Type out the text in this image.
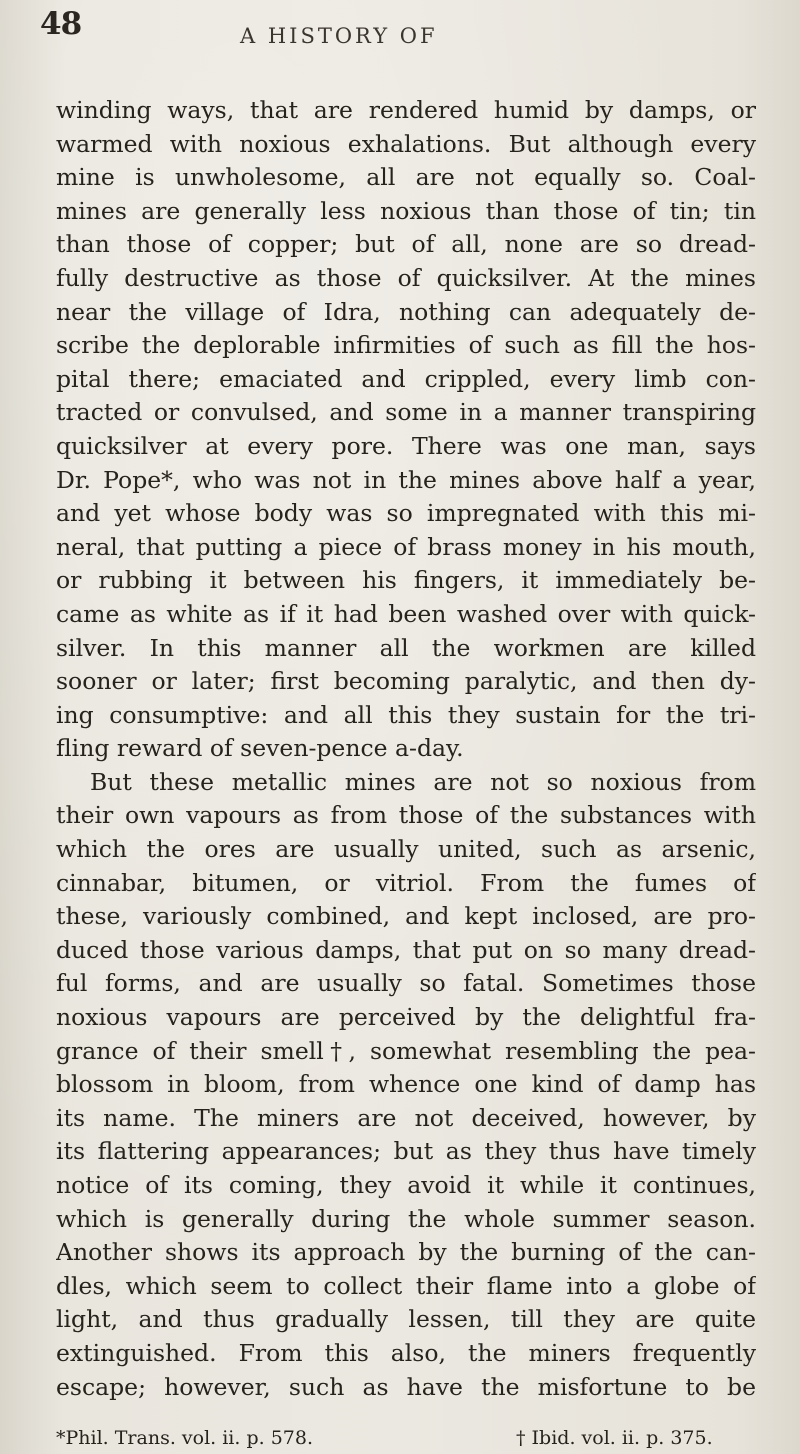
48	A HISTORY OF
winding ways, that are rendered humid by damps, or
warmed with noxious exhalations. But although every
mine is unwholesome, all are not equally so. Coal-
mines are generally less noxious than those of tin; tin
than those of copper; but of all, none are so dread-
fully destructive as those of quicksilver. At the mines
near the village of Idra, nothing can adequately de-
scribe the deplorable infirmities of such as fill the hos-
pital there; emaciated and crippled, every limb con-
tracted or convulsed, and some in a manner transpiring
quicksilver at every pore. There was one man, says
Dr. Pope*, who was not in the mines above half a year,
and yet whose body was so impregnated with this mi-
neral, that putting a piece of brass money in his mouth,
or rubbing it between his fingers, it immediately be-
came as white as if it had been washed over with quick-
silver. In this manner all the workmen are killed
sooner or later; first becoming paralytic, and then dy-
ing consumptive: and all this they sustain for the tri-
fling reward of seven-pence a-day.
But these metallic mines are not so noxious from
their own vapours as from those of the substances with
which the ores are usually united, such as arsenic,
cinnabar, bitumen, or vitriol. From the fumes of
these, variously combined, and kept inclosed, are pro-
duced those various damps, that put on so many dread-
ful forms, and are usually so fatal. Sometimes those
noxious vapours are perceived by the delightful fra-
grance of their smell†, somewhat resembling the pea-
blossom in bloom, from whence one kind of damp has
its name. The miners are not deceived, however, by
its flattering appearances; but as they thus have timely
notice of its coming, they avoid it while it continues,
which is generally during the whole summer season.
Another shows its approach by the burning of the can-
dles, which seem to collect their flame into a globe of
light, and thus gradually lessen, till they are quite
extinguished. From this also, the miners frequently
escape; however, such as have the misfortune to be
*Phil. Trans. vol. ii. p. 578.	† Ibid. vol. ii. p. 375.
